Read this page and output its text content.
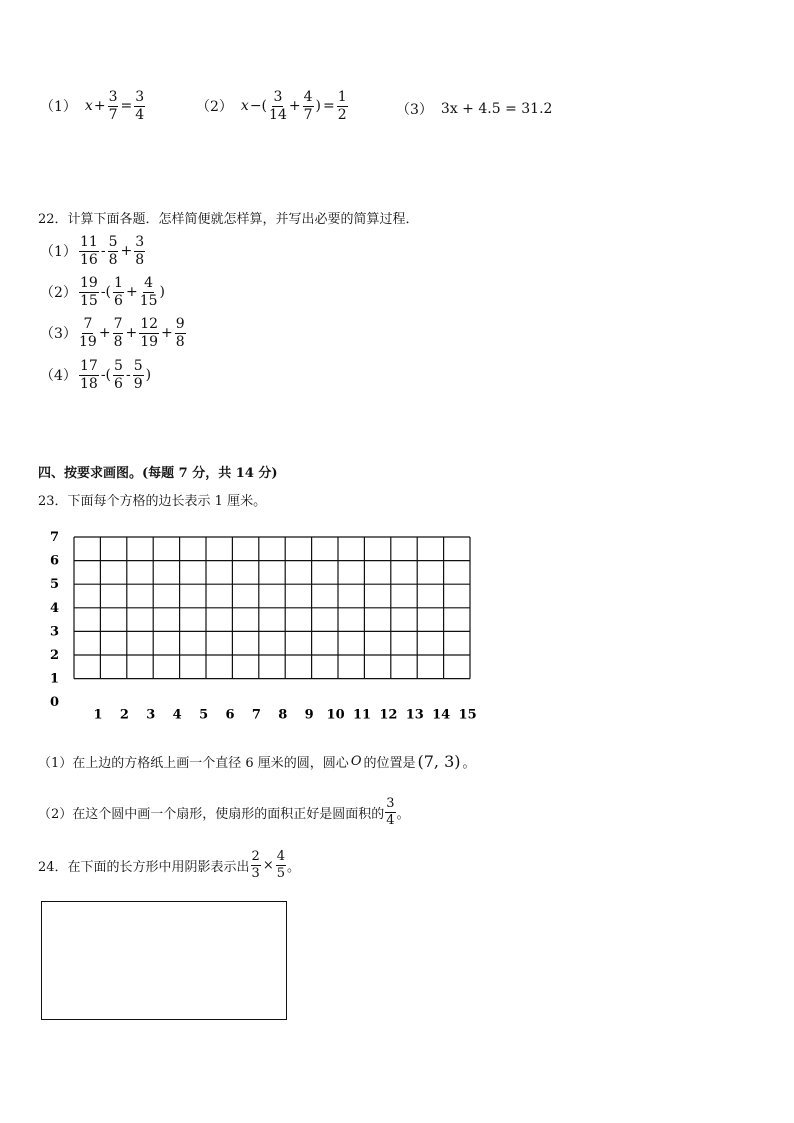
（1） $x + \frac{3}{7} = \frac{3}{4}$	（2） x −( $\frac{3}{14} + \frac{4}{7}$ ) = $\frac{1}{2}$	（3） 3x + 4.5 = 31.2
22．计算下面各题．怎样简便就怎样算，并写出必要的简算过程．
$(1) \frac{11}{16} - \frac{5}{8} + \frac{3}{8}$
$(2) \frac{19}{15}$ -( $\frac{1}{6} + \frac{4}{15}$ )
$(3) \frac{7}{19} + \frac{7}{8} + \frac{12}{19} + \frac{9}{8}$
$(4) \frac{17}{18}$ -( $\frac{5}{6} - \frac{5}{9}$ )
四、按要求画图。(每题 7 分，共 14 分)
23．下面每个方格的边长表示 1 厘米。
7
6
5
4
3
2
1
0
1 2 3 4 5 6 7 8 9 10 11 12 13 14 15
（1）在上边的方格纸上画一个直径 6 厘米的圆，圆心 O 的位置是 (7, 3) 。
（2）在这个圆中画一个扇形，使扇形的面积正好是圆面积的 $\frac{3}{4}$ 。
24．在下面的长方形中用阴影表示出 $\frac{2}{3} \times \frac{4}{5}$ 。
